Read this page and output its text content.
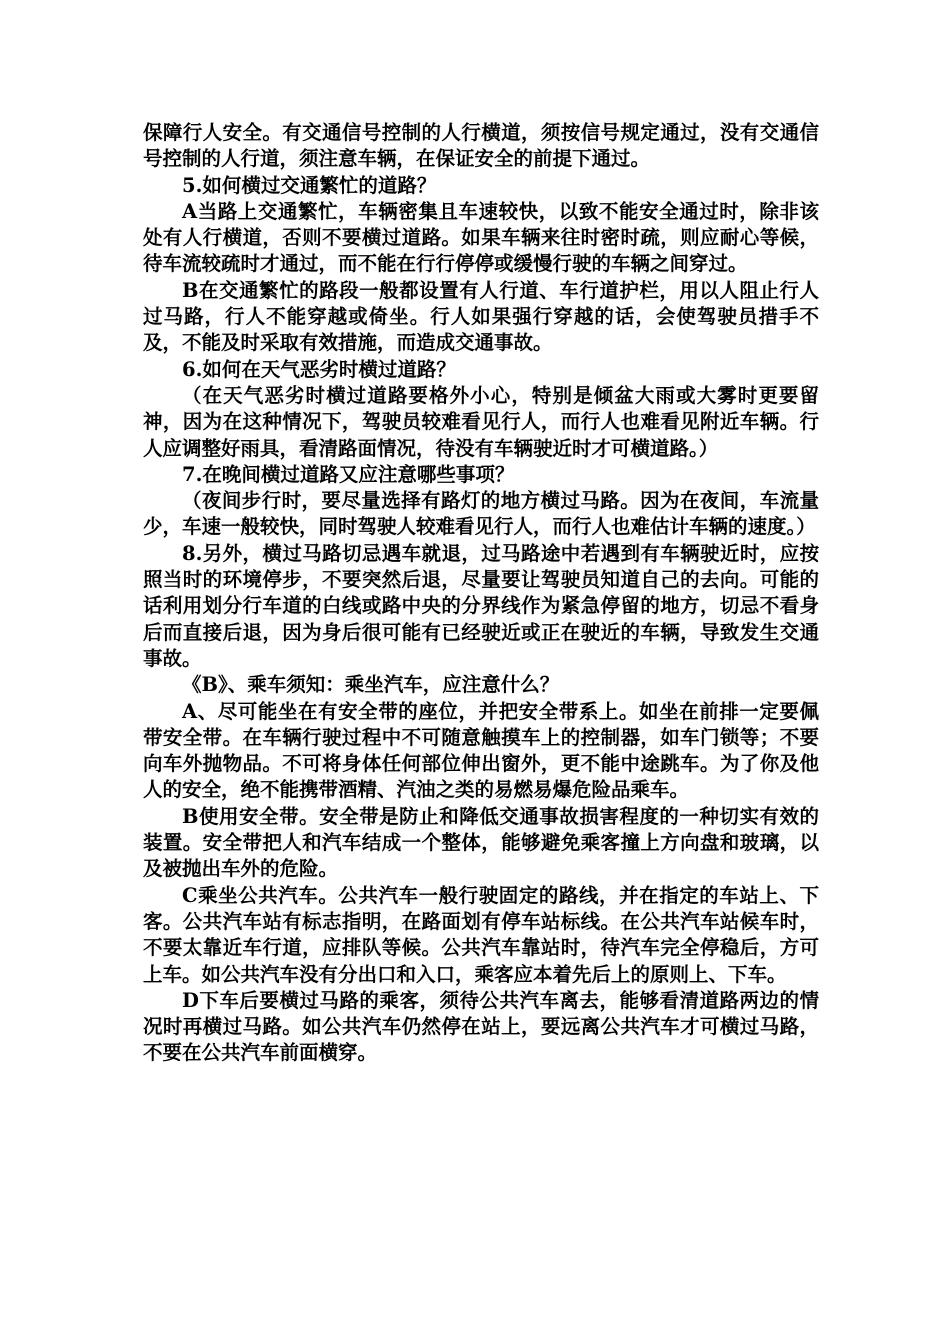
保障行人安全。有交通信号控制的人行横道，须按信号规定通过，没有交通信号控制的人行道，须注意车辆，在保证安全的前提下通过。

5.如何横过交通繁忙的道路？

A当路上交通繁忙，车辆密集且车速较快，以致不能安全通过时，除非该处有人行横道，否则不要横过道路。如果车辆来往时密时疏，则应耐心等候，待车流较疏时才通过，而不能在行行停停或缓慢行驶的车辆之间穿过。

B在交通繁忙的路段一般都设置有人行道、车行道护栏，用以人阻止行人过马路，行人不能穿越或倚坐。行人如果强行穿越的话，会使驾驶员措手不及，不能及时采取有效措施，而造成交通事故。

6.如何在天气恶劣时横过道路？

（在天气恶劣时横过道路要格外小心，特别是倾盆大雨或大雾时更要留神，因为在这种情况下，驾驶员较难看见行人，而行人也难看见附近车辆。行人应调整好雨具，看清路面情况，待没有车辆驶近时才可横道路。）

7.在晚间横过道路又应注意哪些事项？

（夜间步行时，要尽量选择有路灯的地方横过马路。因为在夜间，车流量少，车速一般较快，同时驾驶人较难看见行人，而行人也难估计车辆的速度。）

8.另外，横过马路切忌遇车就退，过马路途中若遇到有车辆驶近时，应按照当时的环境停步，不要突然后退，尽量要让驾驶员知道自己的去向。可能的话利用划分行车道的白线或路中央的分界线作为紧急停留的地方，切忌不看身后而直接后退，因为身后很可能有已经驶近或正在驶近的车辆，导致发生交通事故。

《B》、乘车须知：乘坐汽车，应注意什么？

A、尽可能坐在有安全带的座位，并把安全带系上。如坐在前排一定要佩带安全带。在车辆行驶过程中不可随意触摸车上的控制器，如车门锁等；不要向车外抛物品。不可将身体任何部位伸出窗外，更不能中途跳车。为了你及他人的安全，绝不能携带酒精、汽油之类的易燃易爆危险品乘车。

B使用安全带。安全带是防止和降低交通事故损害程度的一种切实有效的装置。安全带把人和汽车结成一个整体，能够避免乘客撞上方向盘和玻璃，以及被抛出车外的危险。

C乘坐公共汽车。公共汽车一般行驶固定的路线，并在指定的车站上、下客。公共汽车站有标志指明，在路面划有停车站标线。在公共汽车站候车时，不要太靠近车行道，应排队等候。公共汽车靠站时，待汽车完全停稳后，方可上车。如公共汽车没有分出口和入口，乘客应本着先后上的原则上、下车。

D下车后要横过马路的乘客，须待公共汽车离去，能够看清道路两边的情况时再横过马路。如公共汽车仍然停在站上，要远离公共汽车才可横过马路，不要在公共汽车前面横穿。
